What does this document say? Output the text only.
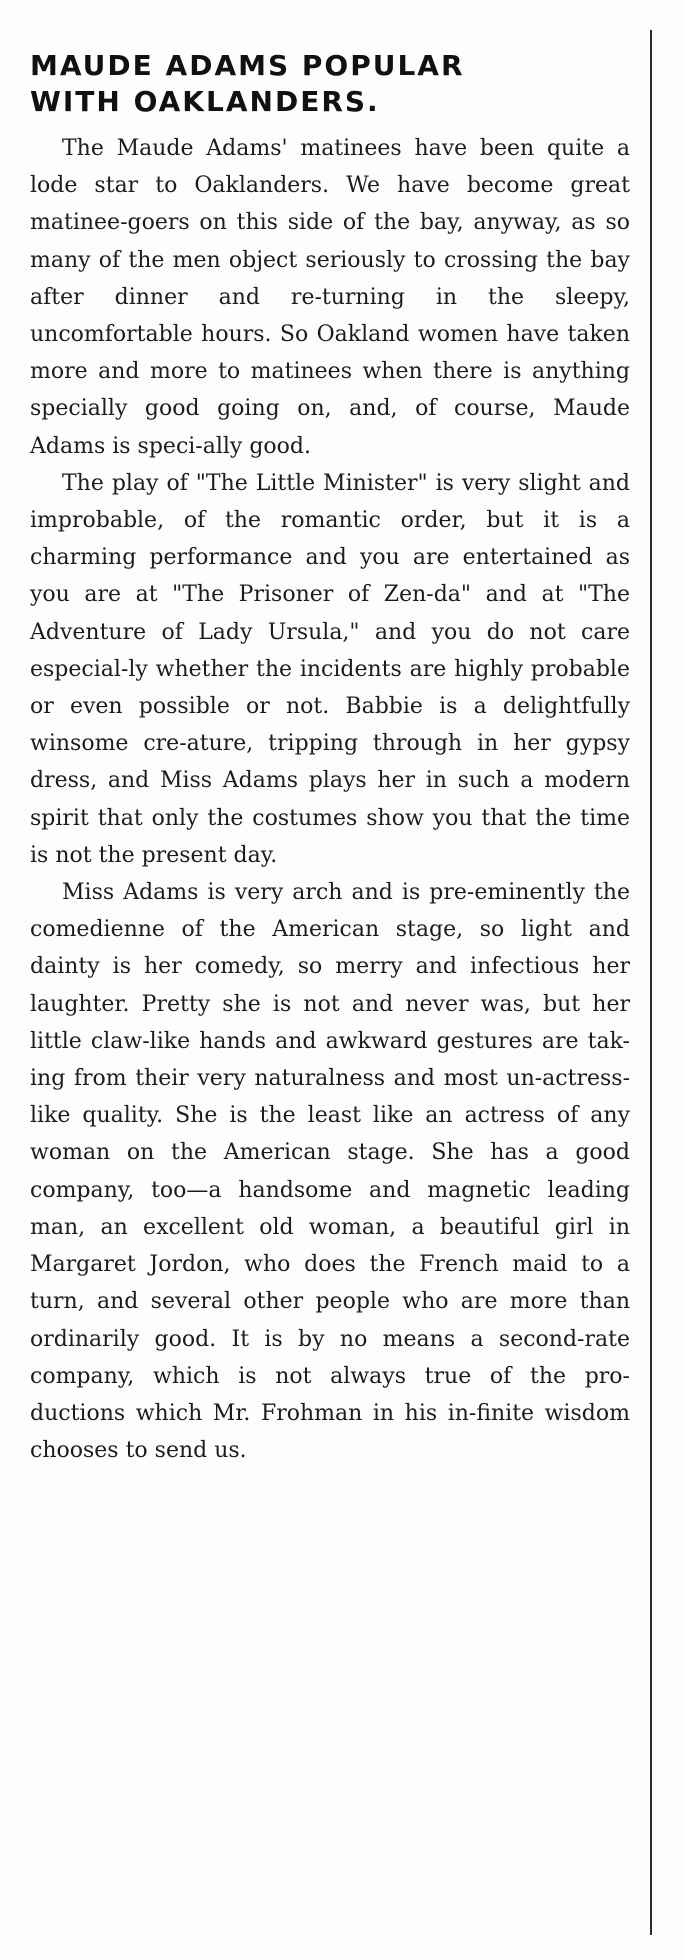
MAUDE ADAMS POPULAR
WITH OAKLANDERS.

The Maude Adams' matinees have been quite a lode star to Oaklanders. We have become great matinee-goers on this side of the bay, anyway, as so many of the men object seriously to crossing the bay after dinner and re-turning in the sleepy, uncomfortable hours. So Oakland women have taken more and more to matinees when there is anything specially good going on, and, of course, Maude Adams is speci-ally good.

The play of "The Little Minister" is very slight and improbable, of the romantic order, but it is a charming performance and you are entertained as you are at "The Prisoner of Zen-da" and at "The Adventure of Lady Ursula," and you do not care especial-ly whether the incidents are highly probable or even possible or not. Babbie is a delightfully winsome cre-ature, tripping through in her gypsy dress, and Miss Adams plays her in such a modern spirit that only the costumes show you that the time is not the present day.

Miss Adams is very arch and is pre-eminently the comedienne of the American stage, so light and dainty is her comedy, so merry and infectious her laughter. Pretty she is not and never was, but her little claw-like hands and awkward gestures are tak-ing from their very naturalness and most un-actress-like quality. She is the least like an actress of any woman on the American stage. She has a good company, too—a handsome and magnetic leading man, an excellent old woman, a beautiful girl in Margaret Jordon, who does the French maid to a turn, and several other people who are more than ordinarily good. It is by no means a second-rate company, which is not always true of the pro-ductions which Mr. Frohman in his in-finite wisdom chooses to send us.
